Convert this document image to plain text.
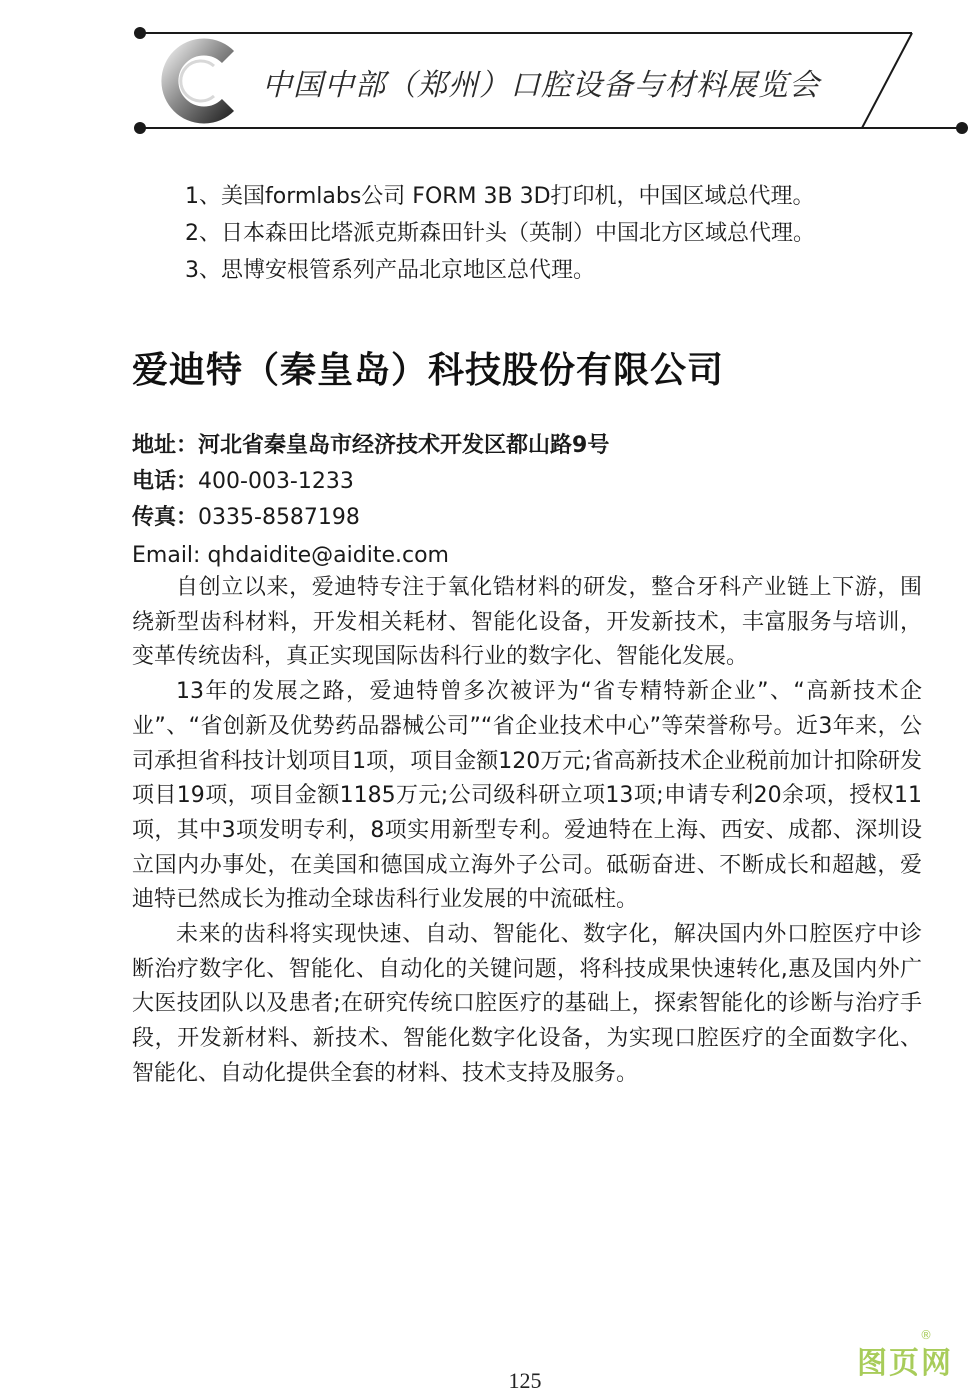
中国中部（郑州）口腔设备与材料展览会
1、美国formlabs公司 FORM 3B 3D打印机，中国区域总代理。
2、日本森田比塔派克斯森田针头（英制）中国北方区域总代理。
3、思博安根管系列产品北京地区总代理。
爱迪特（秦皇岛）科技股份有限公司
地址：河北省秦皇岛市经济技术开发区都山路9号
电话：400-003-1233
传真：0335-8587198
Email: qhdaidite@aidite.com

自创立以来，爱迪特专注于氧化锆材料的研发，整合牙科产业链上下游，围绕新型齿科材料，开发相关耗材、智能化设备，开发新技术，丰富服务与培训，变革传统齿科，真正实现国际齿科行业的数字化、智能化发展。

13年的发展之路，爱迪特曾多次被评为“省专精特新企业”、“高新技术企业”、“省创新及优势药品器械公司”“省企业技术中心”等荣誉称号。近3年来，公司承担省科技计划项目1项，项目金额120万元;省高新技术企业税前加计扣除研发项目19项，项目金额1185万元;公司级科研立项13项;申请专利20余项，授权11项，其中3项发明专利，8项实用新型专利。爱迪特在上海、西安、成都、深圳设立国内办事处，在美国和德国成立海外子公司。砥砺奋进、不断成长和超越，爱迪特已然成长为推动全球齿科行业发展的中流砥柱。

未来的齿科将实现快速、自动、智能化、数字化，解决国内外口腔医疗中诊断治疗数字化、智能化、自动化的关键问题，将科技成果快速转化,惠及国内外广大医技团队以及患者;在研究传统口腔医疗的基础上，探索智能化的诊断与治疗手段，开发新材料、新技术、智能化数字化设备，为实现口腔医疗的全面数字化、智能化、自动化提供全套的材料、技术支持及服务。

125	图页网
®
